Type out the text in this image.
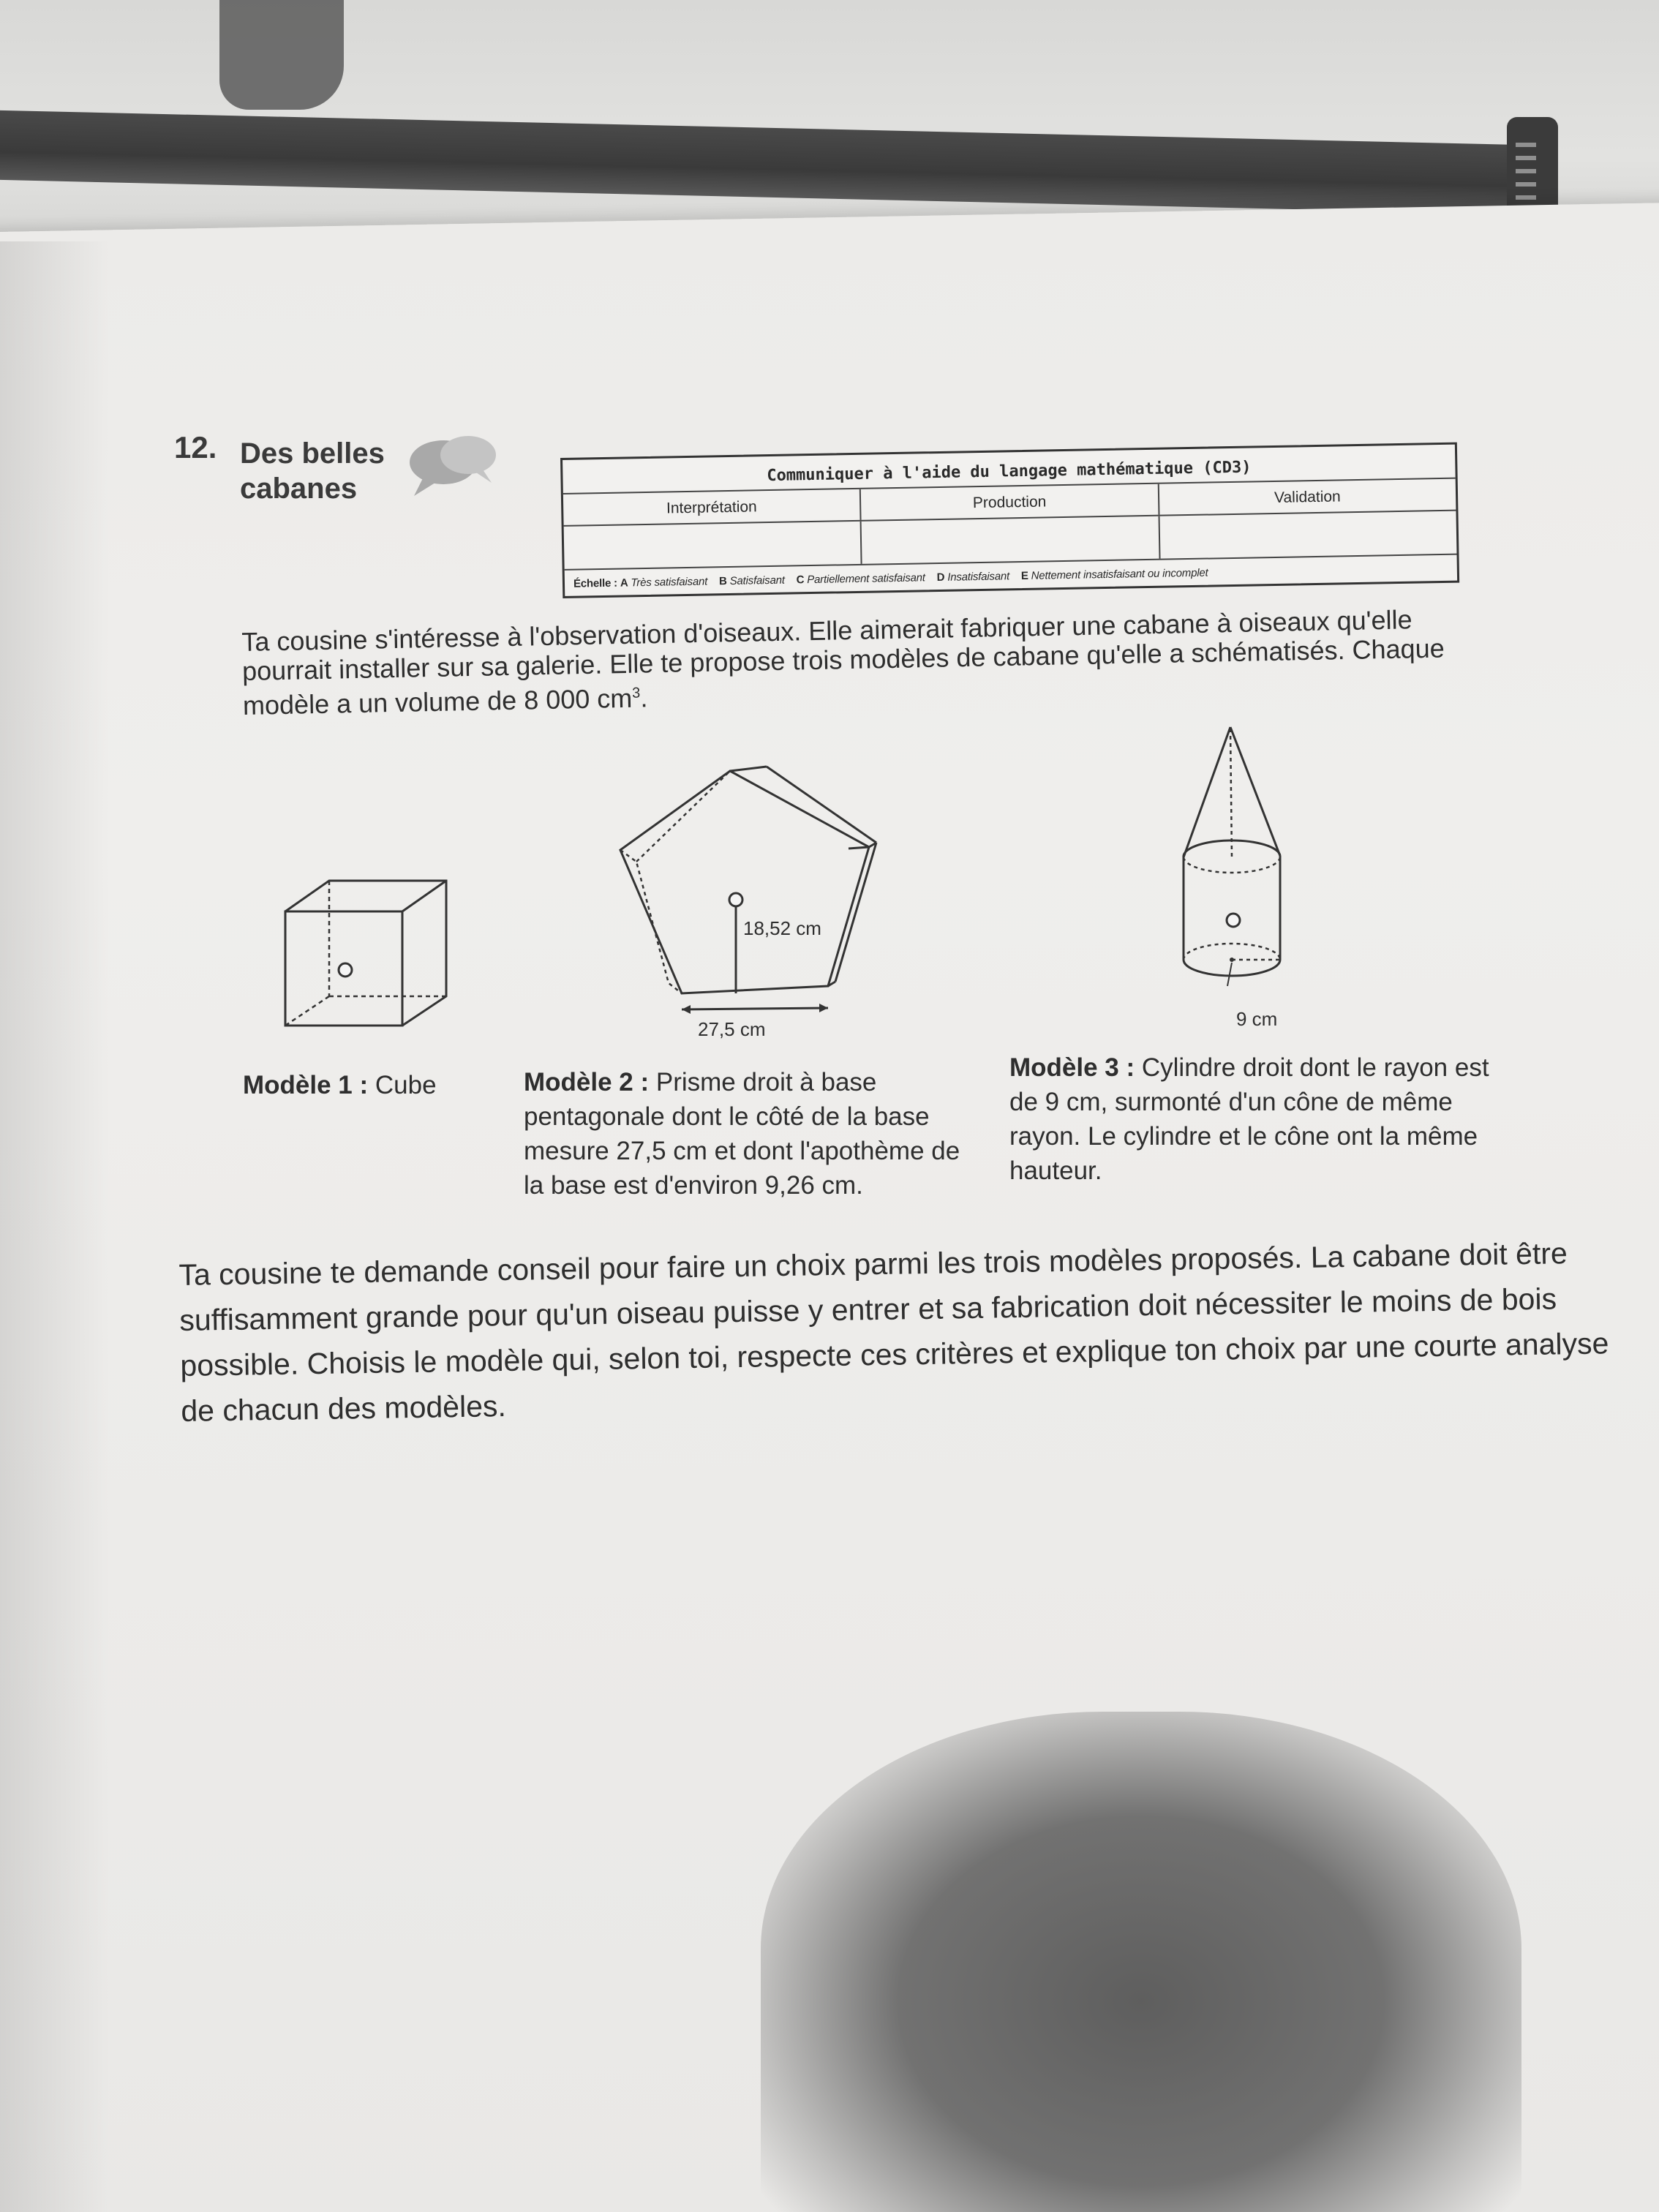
12. Des belles cabanes
Communiquer à l'aide du langage mathématique (CD3)
Interprétation	Production	Validation
Échelle : A Très satisfaisant B Satisfaisant C Partiellement satisfaisant D Insatisfaisant E Nettement insatisfaisant ou incomplet
Ta cousine s'intéresse à l'observation d'oiseaux. Elle aimerait fabriquer une cabane à oiseaux qu'elle pourrait installer sur sa galerie. Elle te propose trois modèles de cabane qu'elle a schématisés. Chaque modèle a un volume de 8 000 $cm^3$.
18,52 cm
27,5 cm	9 cm
Modèle 1 : Cube	Modèle 2 : Prisme droit à base pentagonale dont le côté de la base mesure 27,5 cm et dont l'apothème de la base est d'environ 9,26 cm.
Modèle 3 : Cylindre droit dont le rayon est de 9 cm, surmonté d'un cône de même rayon. Le cylindre et le cône ont la même hauteur.
Ta cousine te demande conseil pour faire un choix parmi les trois modèles proposés. La cabane doit être suffisamment grande pour qu'un oiseau puisse y entrer et sa fabrication doit nécessiter le moins de bois possible. Choisis le modèle qui, selon toi, respecte ces critères et explique ton choix par une courte analyse de chacun des modèles.
